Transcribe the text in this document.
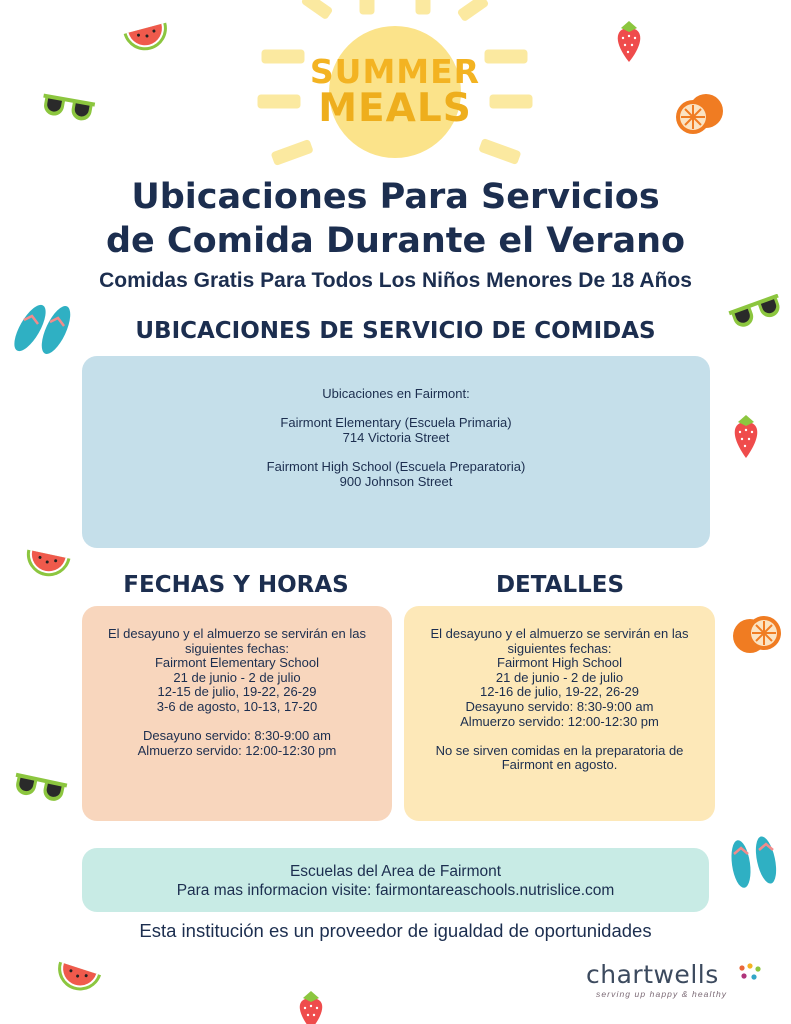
SUMMER
MEALS
Ubicaciones Para Servicios
de Comida Durante el Verano
Comidas Gratis Para Todos Los Niños Menores De 18 Años
UBICACIONES DE SERVICIO DE COMIDAS
Ubicaciones en Fairmont:
Fairmont Elementary (Escuela Primaria)
714 Victoria Street
Fairmont High School (Escuela Preparatoria)
900 Johnson Street
FECHAS Y HORAS	DETALLES
El desayuno y el almuerzo se servirán en las
siguientes fechas:
Fairmont Elementary School
21 de junio - 2 de julio
12-15 de julio, 19-22, 26-29
3-6 de agosto, 10-13, 17-20
Desayuno servido: 8:30-9:00 am
Almuerzo servido: 12:00-12:30 pm
El desayuno y el almuerzo se servirán en las
siguientes fechas:
Fairmont High School
21 de junio - 2 de julio
12-16 de julio, 19-22, 26-29
Desayuno servido: 8:30-9:00 am
Almuerzo servido: 12:00-12:30 pm
No se sirven comidas en la preparatoria de
Fairmont en agosto.
Escuelas del Area de Fairmont
Para mas informacion visite: fairmontareaschools.nutrislice.com
Esta institución es un proveedor de igualdad de oportunidades
chartwells
serving up happy & healthy
